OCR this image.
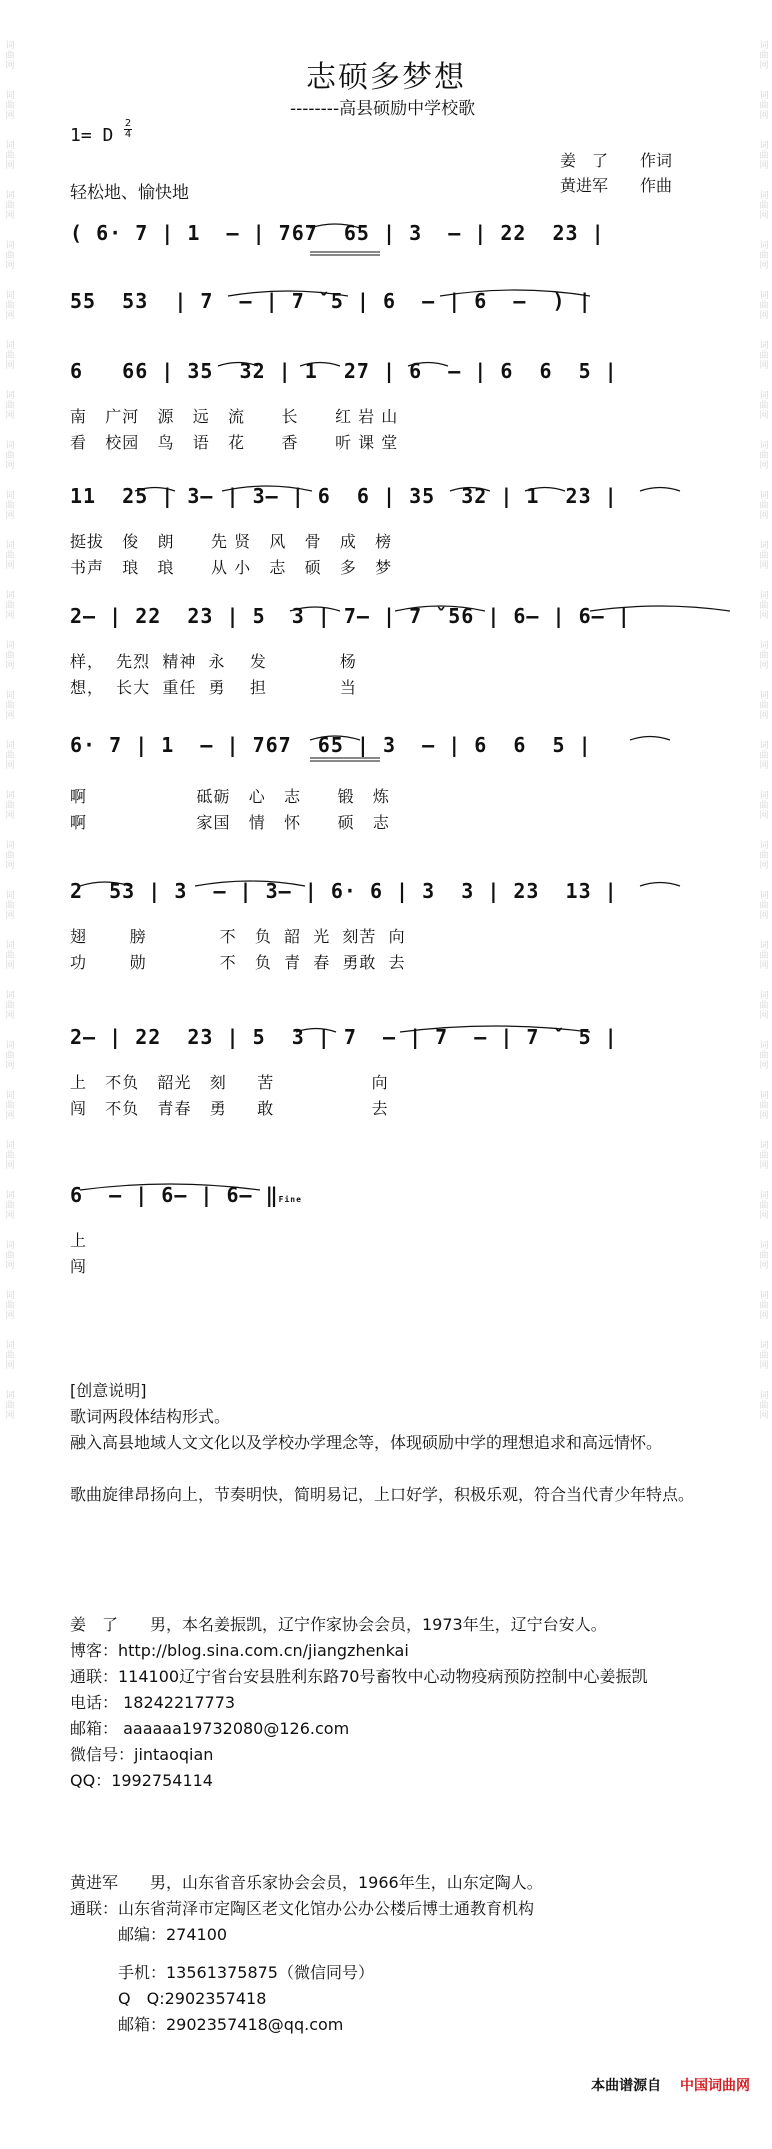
词曲网
词曲网
词曲网
词曲网
词曲网
词曲网
词曲网
词曲网
词曲网
词曲网
词曲网
词曲网
词曲网
词曲网
词曲网
词曲网
词曲网
词曲网
词曲网
词曲网
词曲网
词曲网
词曲网
词曲网
词曲网
词曲网
词曲网
词曲网
词曲网
词曲网
词曲网
词曲网
词曲网
词曲网
词曲网
词曲网
词曲网
词曲网
词曲网
词曲网
词曲网
词曲网
词曲网
词曲网
词曲网
词曲网
词曲网
词曲网
词曲网
词曲网
词曲网
词曲网
词曲网
词曲网
词曲网
词曲网
志硕多梦想
--------高县硕励中学校歌
1= D
2
4
姜　了　　作词
黄进军　　作曲
轻松地、愉快地
( 6· 7 | 1  — | 767  65 | 3  — | 22  23 |
55  53  | 7  — | 7 ˇ5 | 6  — | 6  —  ) |
6   66 | 35  32 | 1  27 | 6  — | 6  6  5 |
南   广河   源   远   流      长      红 岩 山
看   校园   鸟   语   花      香      听 课 堂
11  25 | 3— | 3— | 6  6 | 35  32 | 1  23 |
挺拔   俊   朗      先 贤   风   骨   成   榜
书声   琅   琅      从 小   志   硕   多   梦
2— | 22  23 | 5  3 | 7— | 7 ˇ56 | 6— | 6— |
样，  先烈  精神  永    发            杨
想，  长大  重任  勇    担            当
6· 7 | 1  — | 767  65 | 3  — | 6  6  5 |
啊                  砥砺   心   志      锻   炼
啊                  家国   情   怀      硕   志
2  53 | 3  — | 3— | 6· 6 | 3  3 | 23  13 |
翅       膀            不   负  韶  光  刻苦  向
功       勋            不   负  青  春  勇敢  去
2— | 22  23 | 5  3 | 7  — | 7  — | 7 ˇ 5 |
上   不负   韶光   刻     苦                向
闯   不负   青春   勇     敢                去
6  — | 6— | 6— ‖Fine
上
闯
[创意说明]
歌词两段体结构形式。
融入高县地域人文文化以及学校办学理念等，体现硕励中学的理想追求和高远情怀。
歌曲旋律昂扬向上，节奏明快，简明易记，上口好学，积极乐观，符合当代青少年特点。
姜　了　　男，本名姜振凯，辽宁作家协会会员，1973年生，辽宁台安人。
博客：http://blog.sina.com.cn/jiangzhenkai
通联：114100辽宁省台安县胜利东路70号畜牧中心动物疫病预防控制中心姜振凯
电话： 18242217773
邮箱： aaaaaa19732080@126.com
微信号：jintaoqian
QQ：1992754114
黄进军　　男，山东省音乐家协会会员，1966年生，山东定陶人。
通联：山东省菏泽市定陶区老文化馆办公办公楼后博士通教育机构
　　　邮编：274100
　　　手机：13561375875（微信同号）
　　　Q　Q:2902357418
　　　邮箱：2902357418@qq.com
本曲谱源自 中国词曲网
